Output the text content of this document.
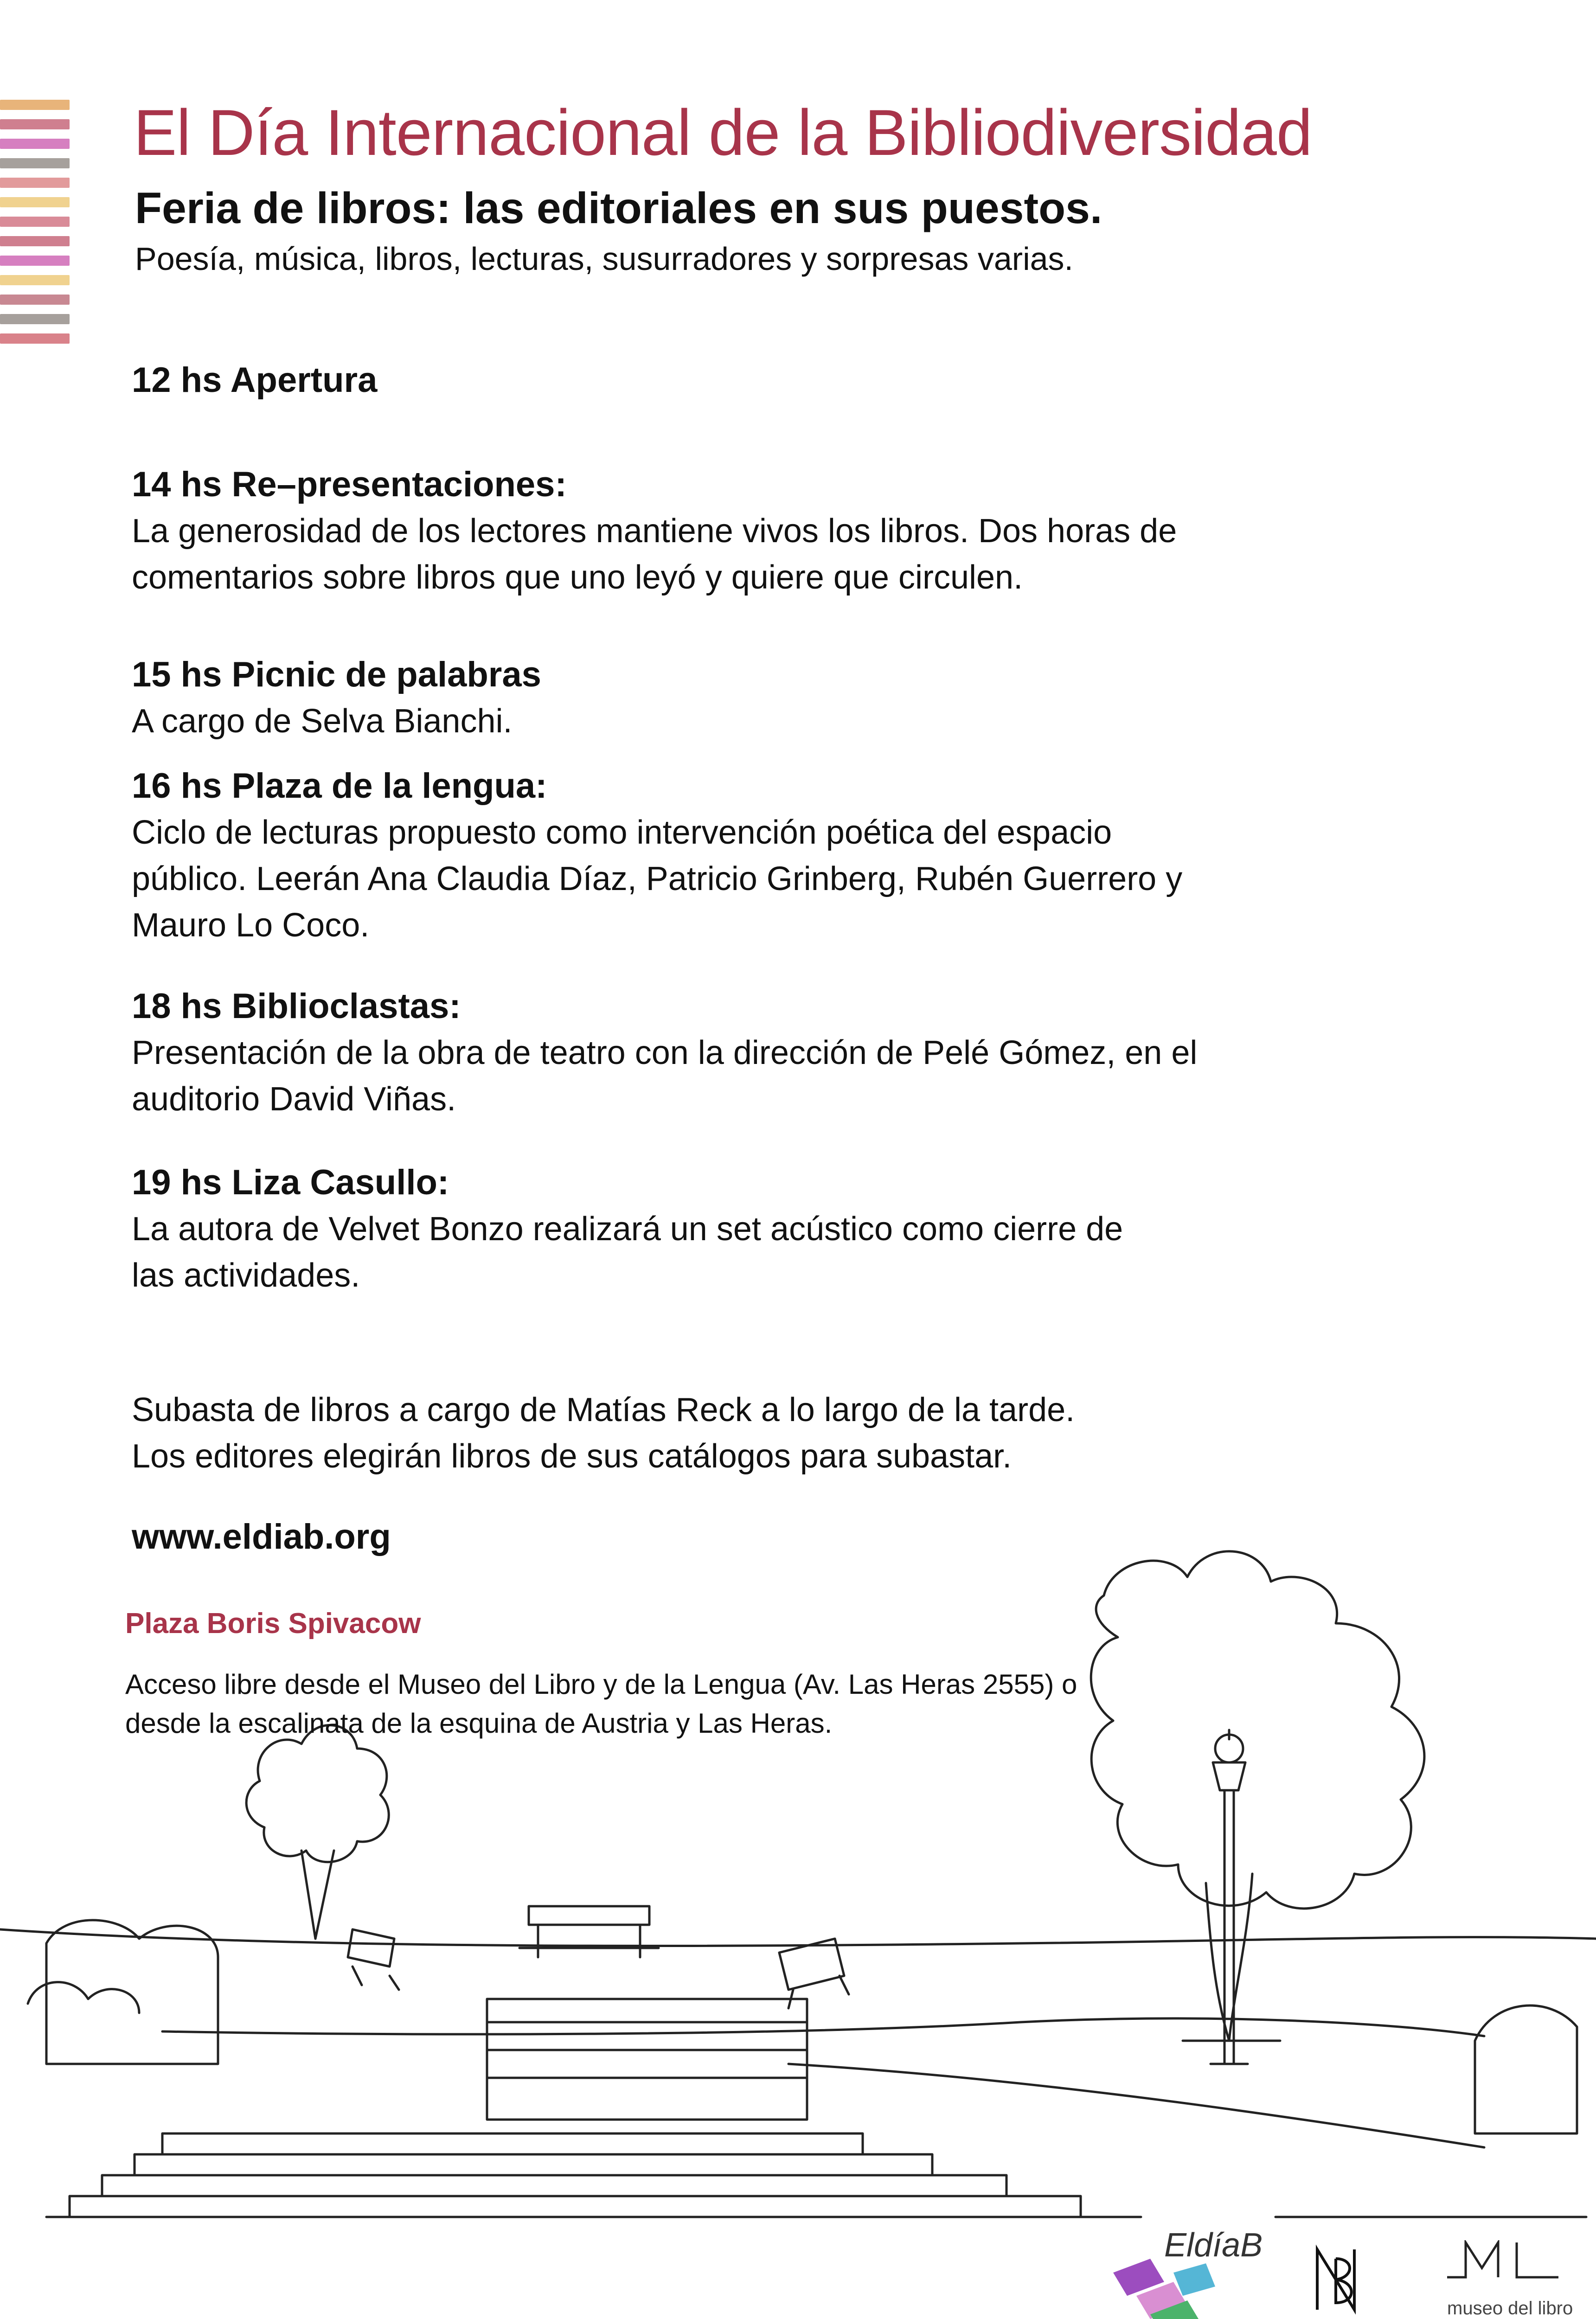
El Día Internacional de la Bibliodiversidad
Feria de libros: las editoriales en sus puestos.

Poesía, música, libros, lecturas, susurradores y sorpresas varias.

12 hs Apertura
14 hs Re–presentaciones:

La generosidad de los lectores mantiene vivos los libros. Dos horas de
comentarios sobre libros que uno leyó y quiere que circulen.

15 hs Picnic de palabras

A cargo de Selva Bianchi.

16 hs Plaza de la lengua:

Ciclo de lecturas propuesto como intervención poética del espacio
público. Leerán Ana Claudia Díaz, Patricio Grinberg, Rubén Guerrero y
Mauro Lo Coco.

18 hs Biblioclastas:

Presentación de la obra de teatro con la dirección de Pelé Gómez, en el
auditorio David Viñas.

19 hs Liza Casullo:

La autora de Velvet Bonzo realizará un set acústico como cierre de
las actividades.

Subasta de libros a cargo de Matías Reck a lo largo de la tarde.
Los editores elegirán libros de sus catálogos para subastar.

www.eldiab.org

Plaza Boris Spivacow

Acceso libre desde el Museo del Libro y de la Lengua (Av. Las Heras 2555) o
desde la escalinata de la esquina de Austria y Las Heras.

EldíaB
museo del libro
